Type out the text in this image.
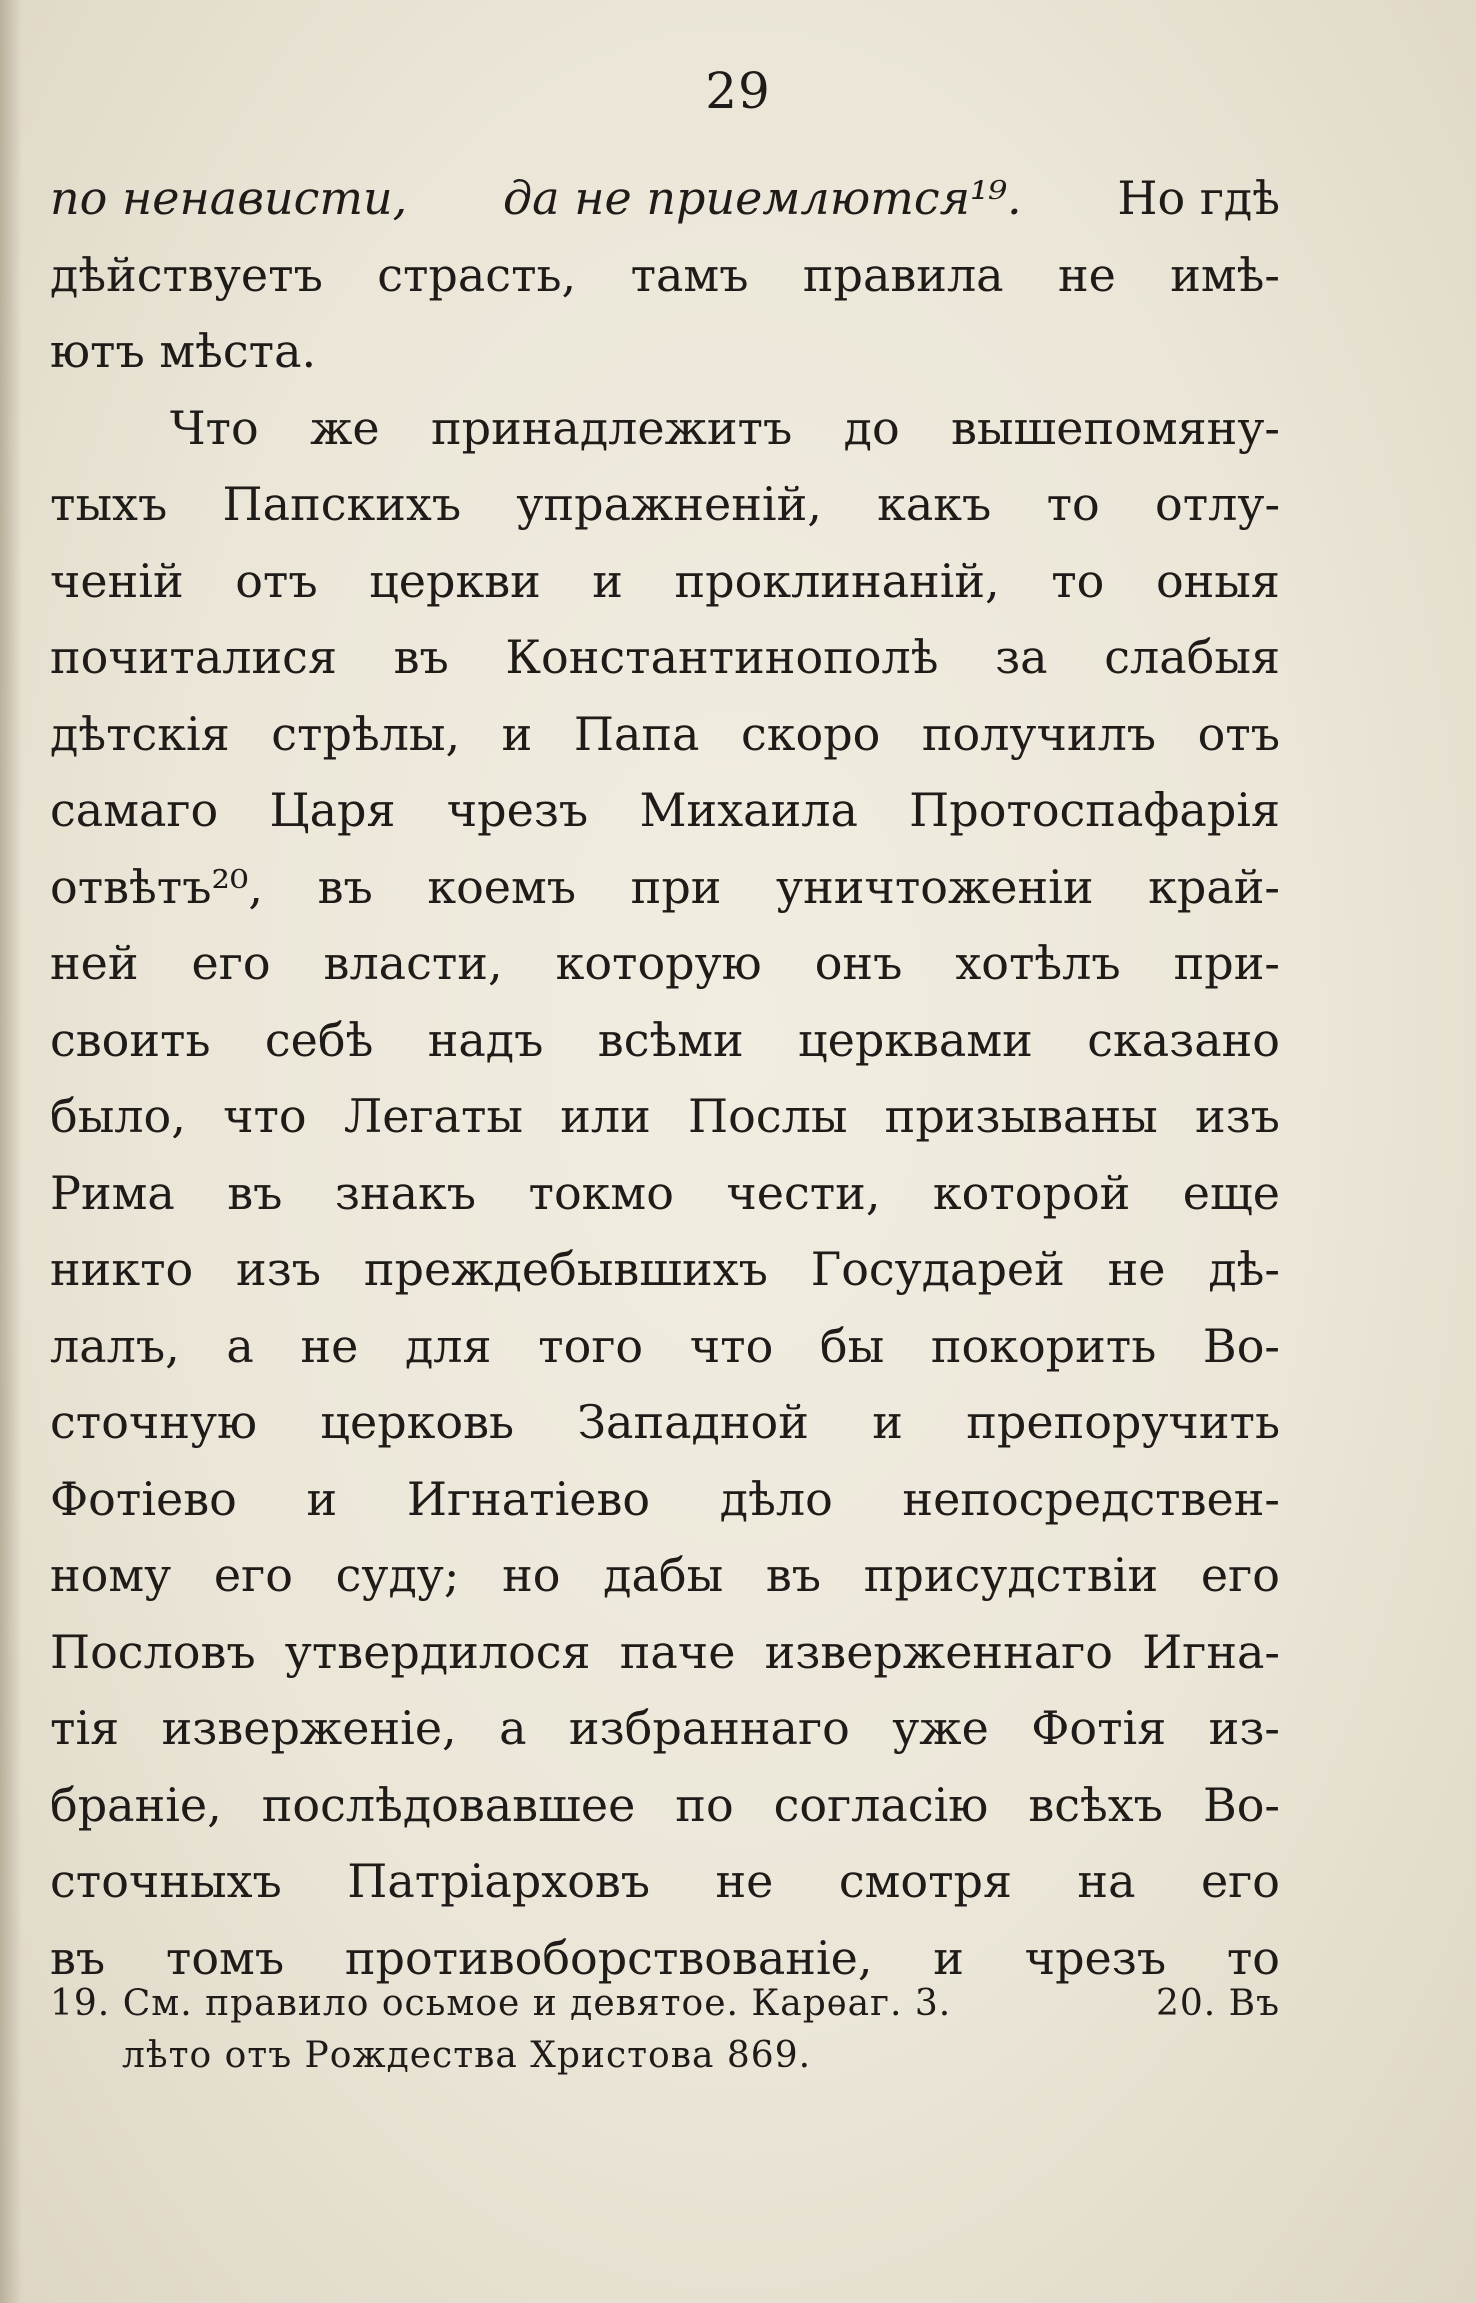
29
по ненависти, да не приемлются¹⁹. Но гдѣ
дѣйствуетъ страсть, тамъ правила не имѣ-
ютъ мѣста.
Что же принадлежитъ до вышепомяну-
тыхъ Папскихъ упражненій, какъ то отлу-
ченій отъ церкви и проклинаній, то оныя
почиталися въ Константинополѣ за слабыя
дѣтскія стрѣлы, и Папа скоро получилъ отъ
самаго Царя чрезъ Михаила Протоспафарія
отвѣтъ²⁰, въ коемъ при уничтоженіи край-
ней его власти, которую онъ хотѣлъ при-
своить себѣ надъ всѣми церквами сказано
было, что Легаты или Послы призываны изъ
Рима въ знакъ токмо чести, которой еще
никто изъ преждебывшихъ Государей не дѣ-
лалъ, а не для того что бы покорить Во-
сточную церковь Западной и препоручить
Фотіево и Игнатіево дѣло непосредствен-
ному его суду; но дабы въ присудствіи его
Пословъ утвердилося паче изверженнаго Игна-
тія изверженіе, а избраннаго уже Фотія из-
браніе, послѣдовавшее по согласію всѣхъ Во-
сточныхъ Патріарховъ не смотря на его
въ томъ противоборствованіе, и чрезъ то
19. См. правило осьмое и девятое. Карѳаг. 3.	20. Въ
лѣто отъ Рождества Христова 869.
